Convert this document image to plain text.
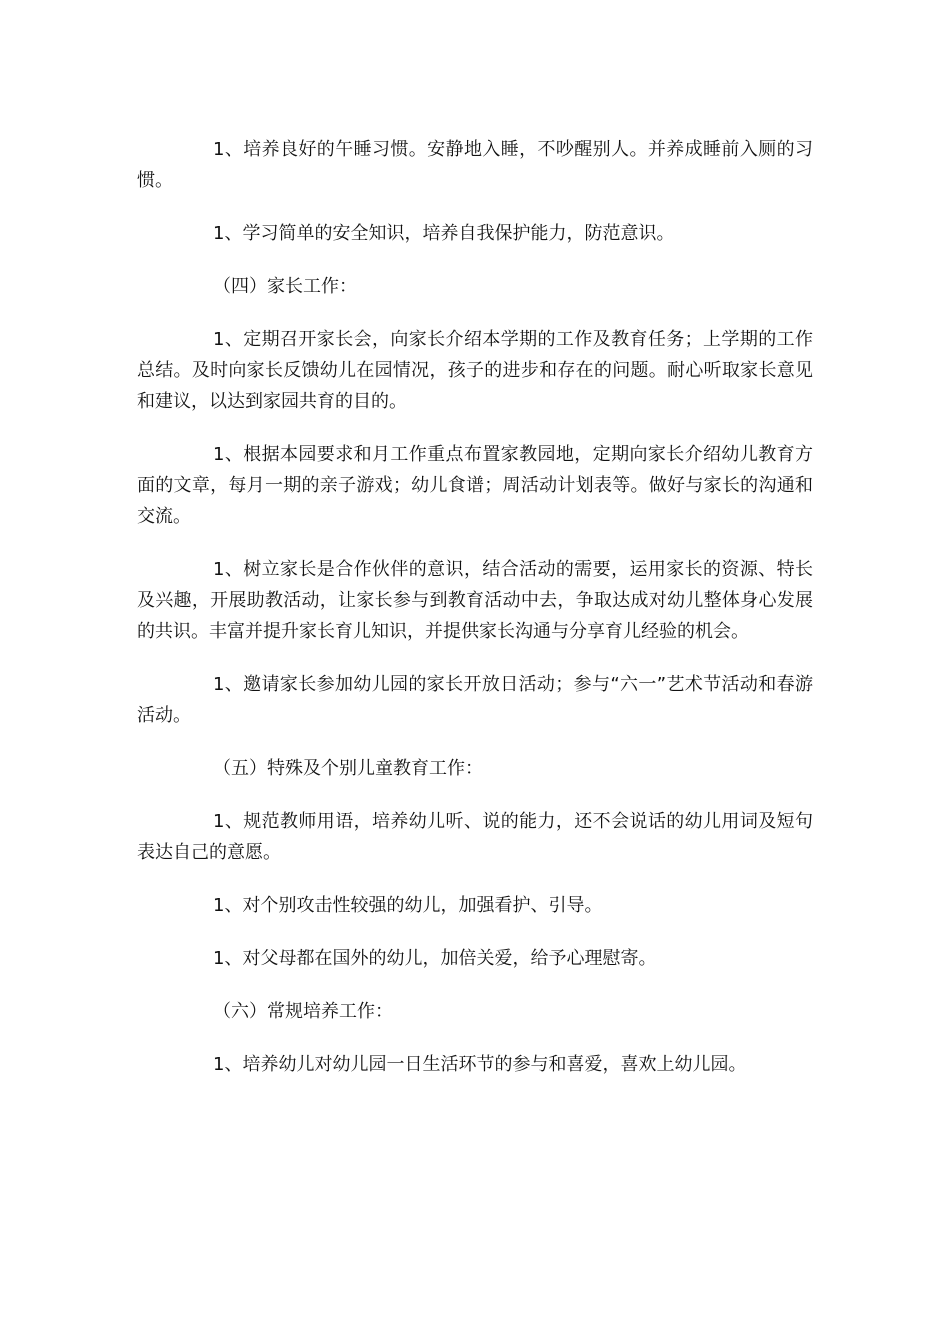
1、培养良好的午睡习惯。安静地入睡，不吵醒别人。并养成睡前入厕的习惯。

1、学习简单的安全知识，培养自我保护能力，防范意识。

（四）家长工作：

1、定期召开家长会，向家长介绍本学期的工作及教育任务；上学期的工作总结。及时向家长反馈幼儿在园情况，孩子的进步和存在的问题。耐心听取家长意见和建议，以达到家园共育的目的。

1、根据本园要求和月工作重点布置家教园地，定期向家长介绍幼儿教育方面的文章，每月一期的亲子游戏；幼儿食谱；周活动计划表等。做好与家长的沟通和交流。

1、树立家长是合作伙伴的意识，结合活动的需要，运用家长的资源、特长及兴趣，开展助教活动，让家长参与到教育活动中去，争取达成对幼儿整体身心发展的共识。丰富并提升家长育儿知识，并提供家长沟通与分享育儿经验的机会。

1、邀请家长参加幼儿园的家长开放日活动；参与“六一”艺术节活动和春游活动。

（五）特殊及个别儿童教育工作：

1、规范教师用语，培养幼儿听、说的能力，还不会说话的幼儿用词及短句表达自己的意愿。

1、对个别攻击性较强的幼儿，加强看护、引导。

1、对父母都在国外的幼儿，加倍关爱，给予心理慰寄。

（六）常规培养工作：

1、培养幼儿对幼儿园一日生活环节的参与和喜爱，喜欢上幼儿园。
